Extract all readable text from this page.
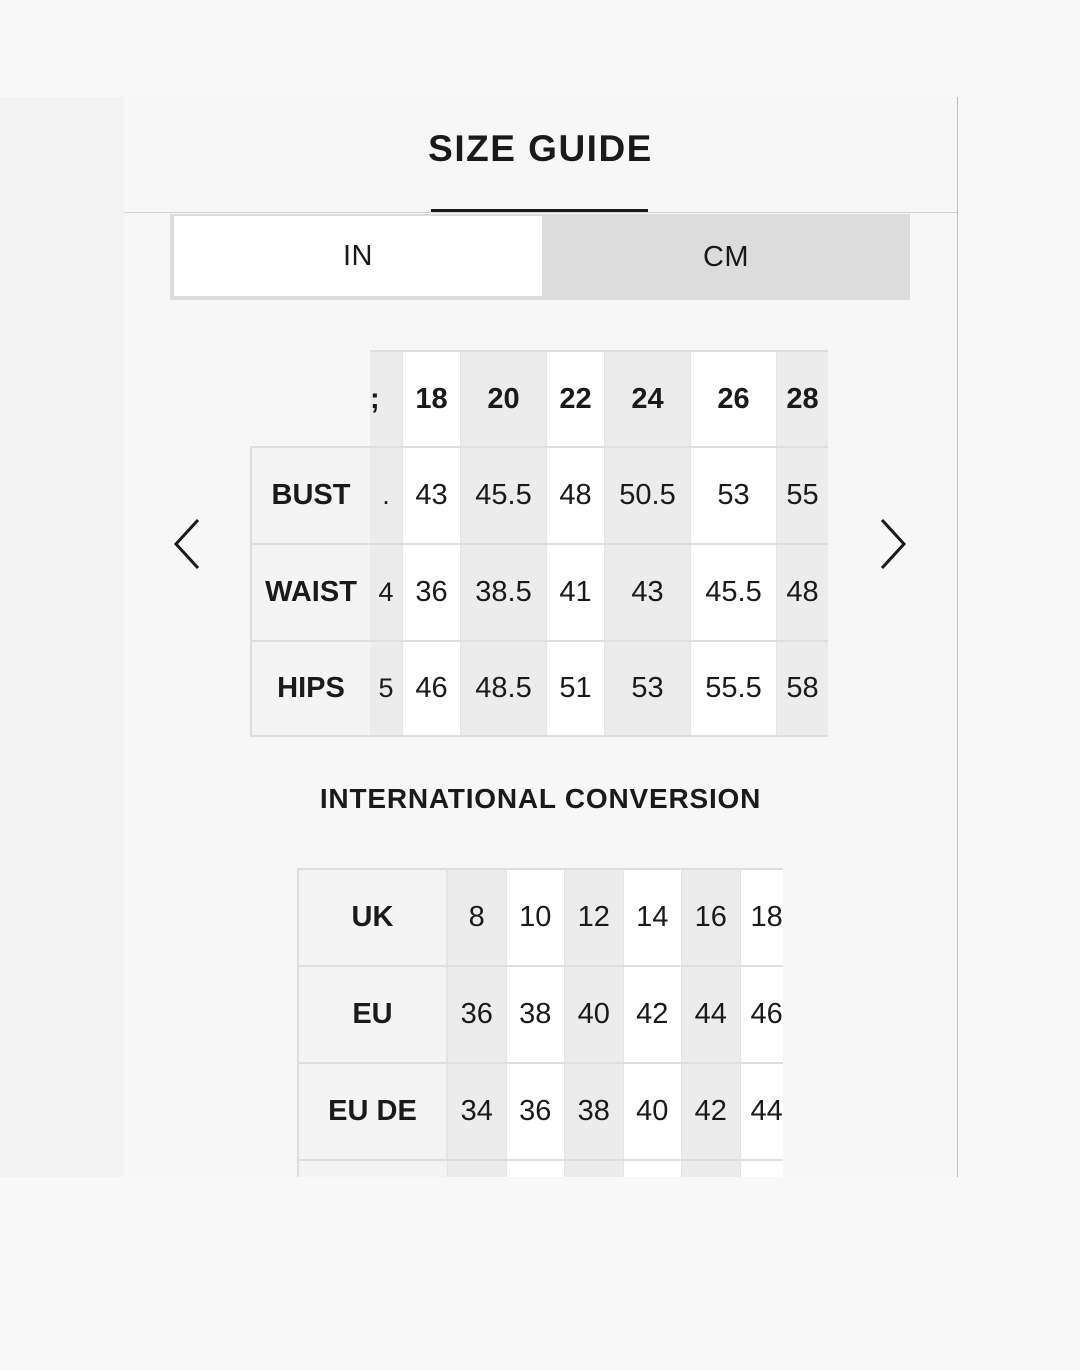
SIZE GUIDE
IN	CM
;	18	20	22	24	26	28
BUST	. 43 45.5 48 50.5	53	55
WAIST 4 36 38.5 41	43	45.5 48
HIPS	5 46 48.5 51	53	55.5 58
INTERNATIONAL CONVERSION
UK	8	10 12 14 16 18
EU	36 38 40 42 44 46
EU DE	34 36 38 40 42 44
